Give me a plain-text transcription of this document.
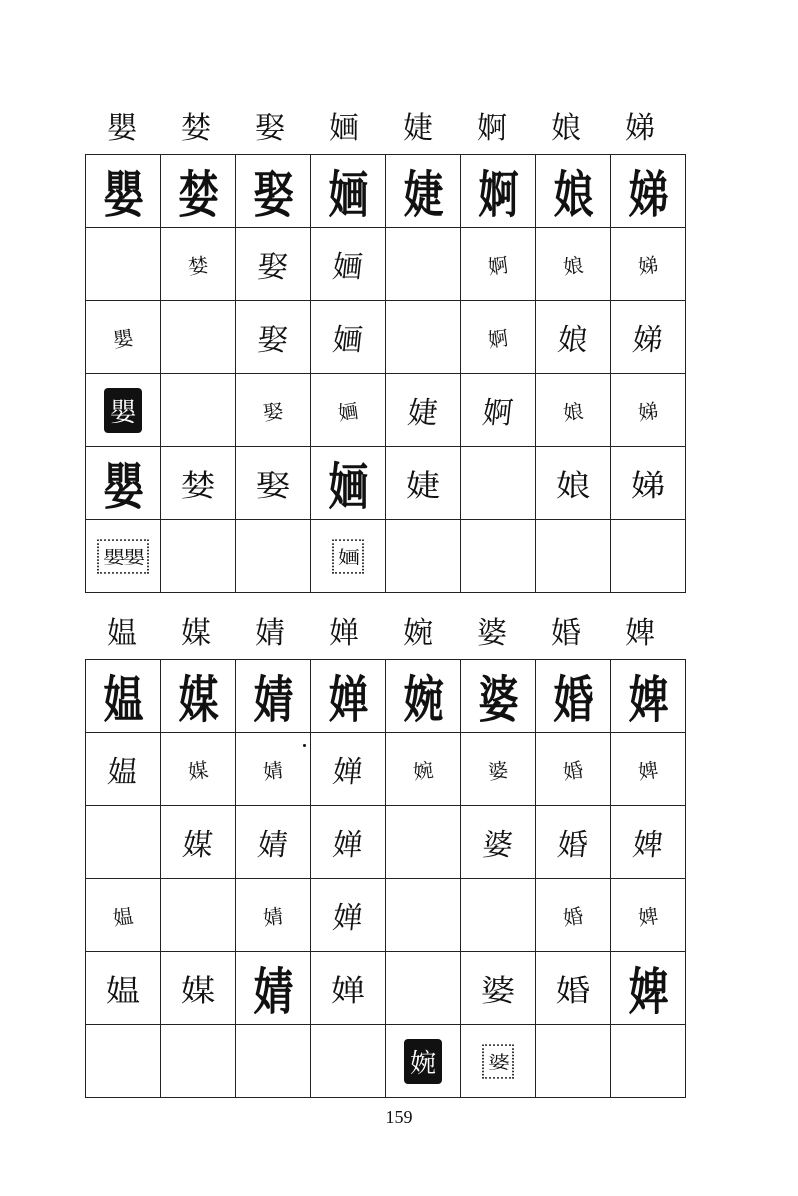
嬰	婪	娶	婳	婕	婀	娘	娣
嬰	婪	娶	婳	婕	婀	娘	娣
	婪	娶	婳		婀	娘	娣
嬰		娶	婳		婀	娘	娣
嬰		娶	婳	婕	婀	娘	娣
嬰	婪	娶	婳	婕		娘	娣
嬰嬰			婳				
媪	媒	婧	婵	婉	婆	婚	婢
媪	媒	婧	婵	婉	婆	婚	婢
媪	媒	婧	婵	婉	婆	婚	婢
	媒	婧	婵		婆	婚	婢
媪		婧	婵			婚	婢
媪	媒	婧	婵		婆	婚	婢
				婉	婆		
159
